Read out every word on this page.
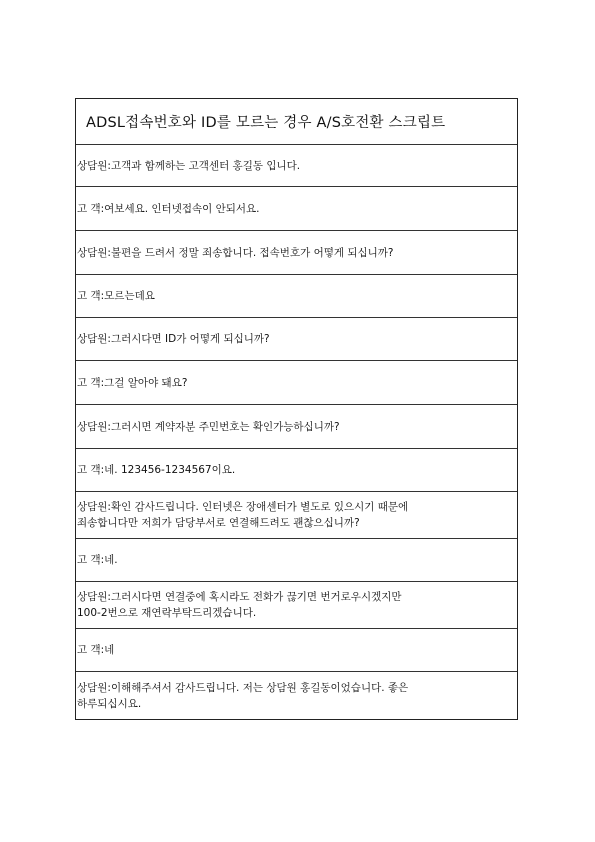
ADSL접속번호와 ID를 모르는 경우 A/S호전환 스크립트
상담원:고객과 함께하는 고객센터 홍길동 입니다.
고 객:여보세요. 인터넷접속이 안되서요.
상담원:불편을 드려서 정말 죄송합니다. 접속번호가 어떻게 되십니까?
고 객:모르는데요
상담원:그러시다면 ID가 어떻게 되십니까?
고 객:그걸 알아야 돼요?
상담원:그러시면 계약자분 주민번호는 확인가능하십니까?
고 객:네. 123456-1234567이요.
상담원:확인 감사드립니다. 인터넷은 장애센터가 별도로 있으시기 때문에
죄송합니다만 저희가 담당부서로 연결해드려도 괜찮으십니까?
고 객:네.
상담원:그러시다면 연결중에 혹시라도 전화가 끊기면 번거로우시겠지만
100-2번으로 재연락부탁드리겠습니다.
고 객:네
상담원:이해해주셔서 감사드립니다. 저는 상담원 홍길동이었습니다. 좋은
하루되십시요.
